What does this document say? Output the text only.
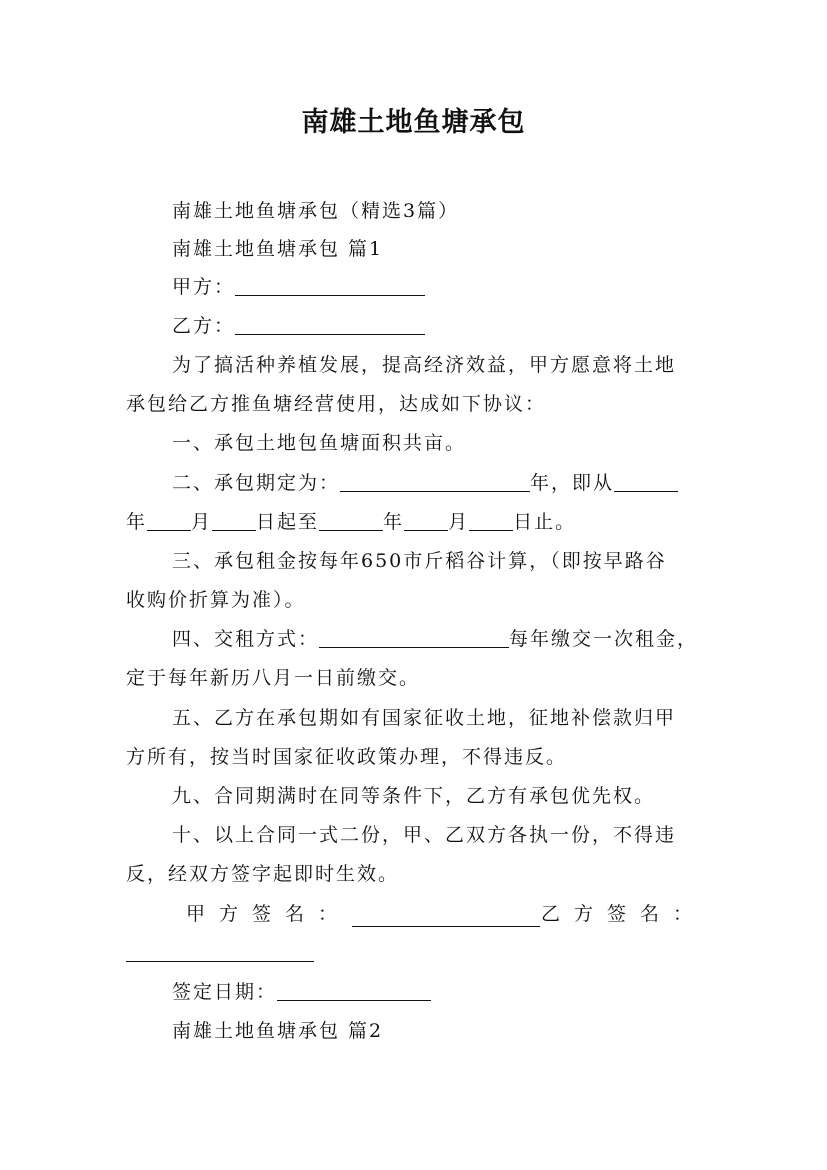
南雄土地鱼塘承包
南雄土地鱼塘承包（精选3篇）
南雄土地鱼塘承包 篇1
甲方：
乙方：
为了搞活种养植发展，提高经济效益，甲方愿意将土地
承包给乙方推鱼塘经营使用，达成如下协议：
一、承包土地包鱼塘面积共亩。
二、承包期定为：	年，即从
年 月 日起至	年 月 日止。
三、承包租金按每年650市斤稻谷计算，（即按早路谷
收购价折算为准）。
四、交租方式：	每年缴交一次租金，
定于每年新历八月一日前缴交。
五、乙方在承包期如有国家征收土地，征地补偿款归甲
方所有，按当时国家征收政策办理，不得违反。
九、合同期满时在同等条件下，乙方有承包优先权。
十、以上合同一式二份，甲、乙双方各执一份，不得违
反，经双方签字起即时生效。
甲方签名：	乙方签名：
签定日期：
南雄土地鱼塘承包 篇2
